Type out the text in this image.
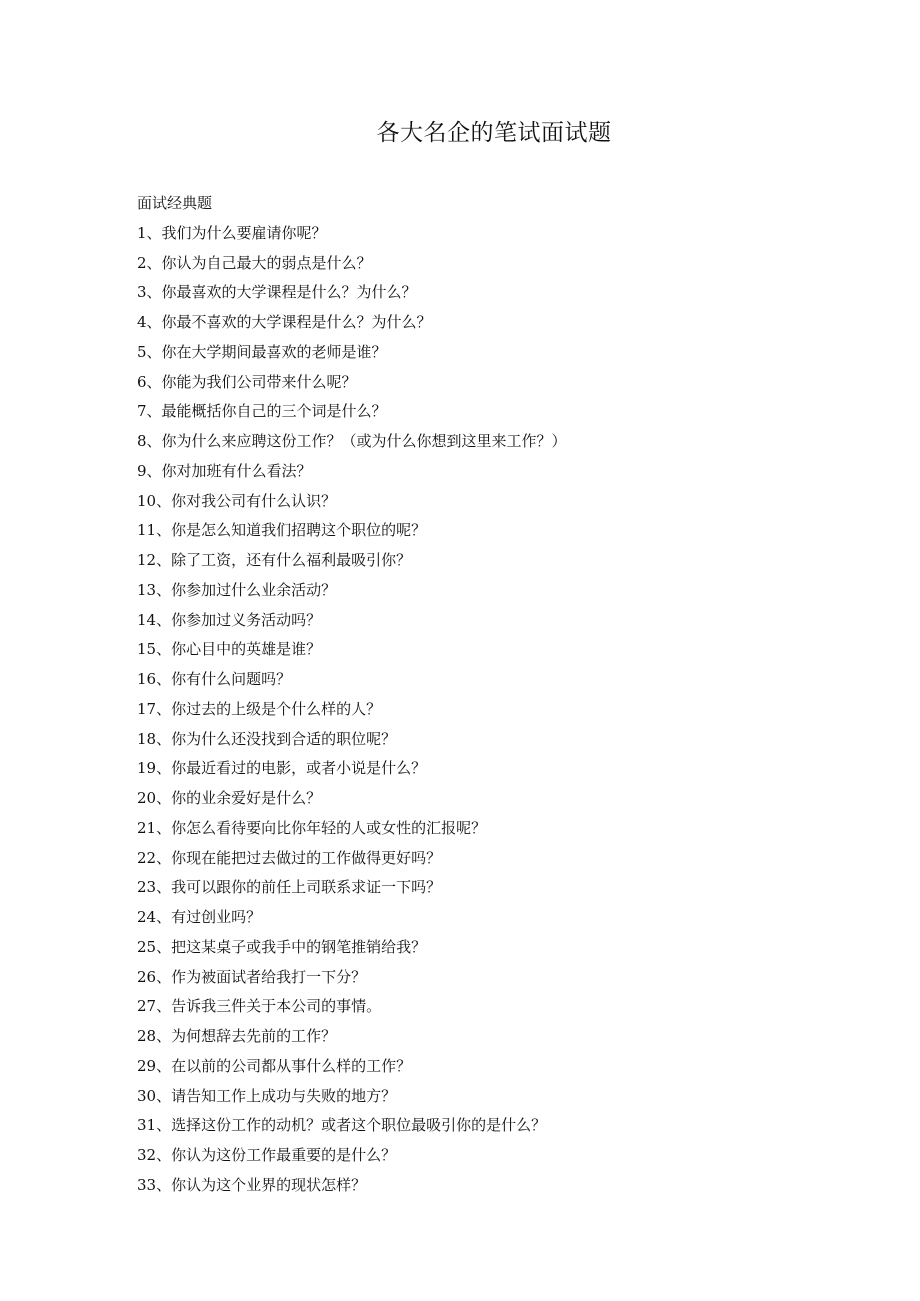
各大名企的笔试面试题
面试经典题
1、我们为什么要雇请你呢？
2、你认为自己最大的弱点是什么？
3、你最喜欢的大学课程是什么？为什么？
4、你最不喜欢的大学课程是什么？为什么？
5、你在大学期间最喜欢的老师是谁？
6、你能为我们公司带来什么呢？
7、最能概括你自己的三个词是什么？
8、你为什么来应聘这份工作？（或为什么你想到这里来工作？）
9、你对加班有什么看法？
10、你对我公司有什么认识？
11、你是怎么知道我们招聘这个职位的呢？
12、除了工资，还有什么福利最吸引你？
13、你参加过什么业余活动？
14、你参加过义务活动吗？
15、你心目中的英雄是谁？
16、你有什么问题吗？
17、你过去的上级是个什么样的人？
18、你为什么还没找到合适的职位呢？
19、你最近看过的电影，或者小说是什么？
20、你的业余爱好是什么？
21、你怎么看待要向比你年轻的人或女性的汇报呢？
22、你现在能把过去做过的工作做得更好吗？
23、我可以跟你的前任上司联系求证一下吗？
24、有过创业吗？
25、把这某桌子或我手中的钢笔推销给我？
26、作为被面试者给我打一下分？
27、告诉我三件关于本公司的事情。
28、为何想辞去先前的工作？
29、在以前的公司都从事什么样的工作？
30、请告知工作上成功与失败的地方？
31、选择这份工作的动机？或者这个职位最吸引你的是什么？
32、你认为这份工作最重要的是什么？
33、你认为这个业界的现状怎样？
